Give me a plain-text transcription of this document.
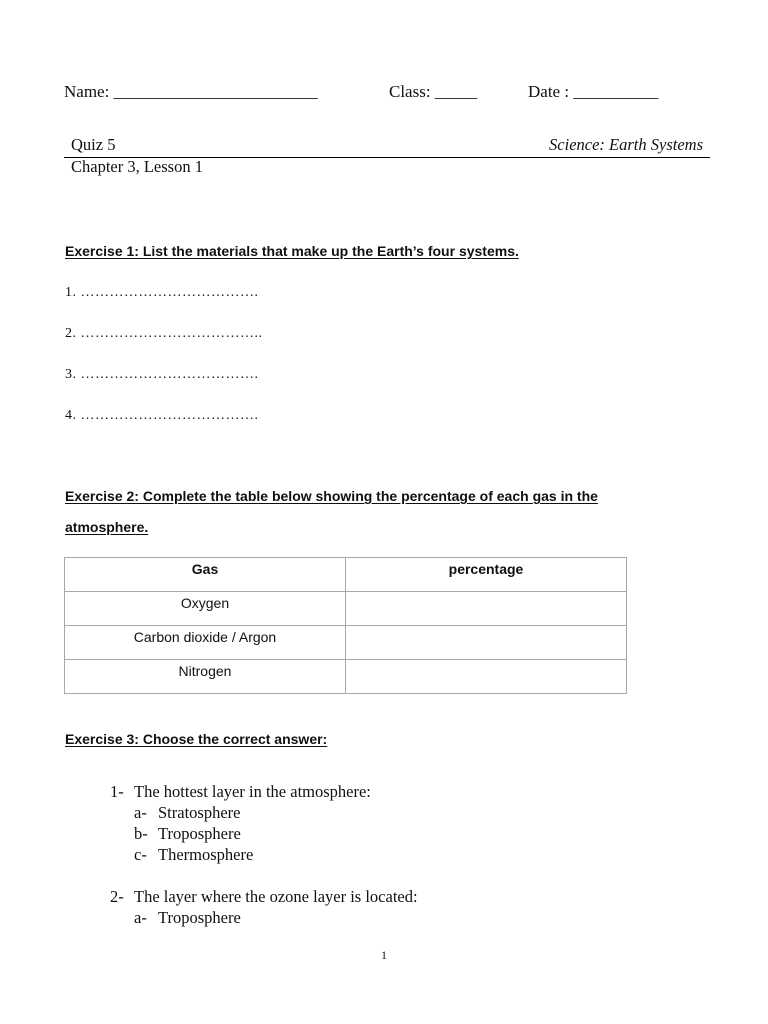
Name: ________________________	Class: _____	Date : __________
Quiz 5	Science: Earth Systems
Chapter 3, Lesson 1
Exercise 1: List the materials that make up the Earth’s four systems.
1. ……………………………….
2. ………………………………..
3. ……………………………….
4. ……………………………….
Exercise 2: Complete the table below showing the percentage of each gas in the
atmosphere.
Gas	percentage
Oxygen	
Carbon dioxide / Argon	
Nitrogen	
Exercise 3: Choose the correct answer:
1- The hottest layer in the atmosphere:
a- Stratosphere
b- Troposphere
c- Thermosphere
2- The layer where the ozone layer is located:
a- Troposphere
1
